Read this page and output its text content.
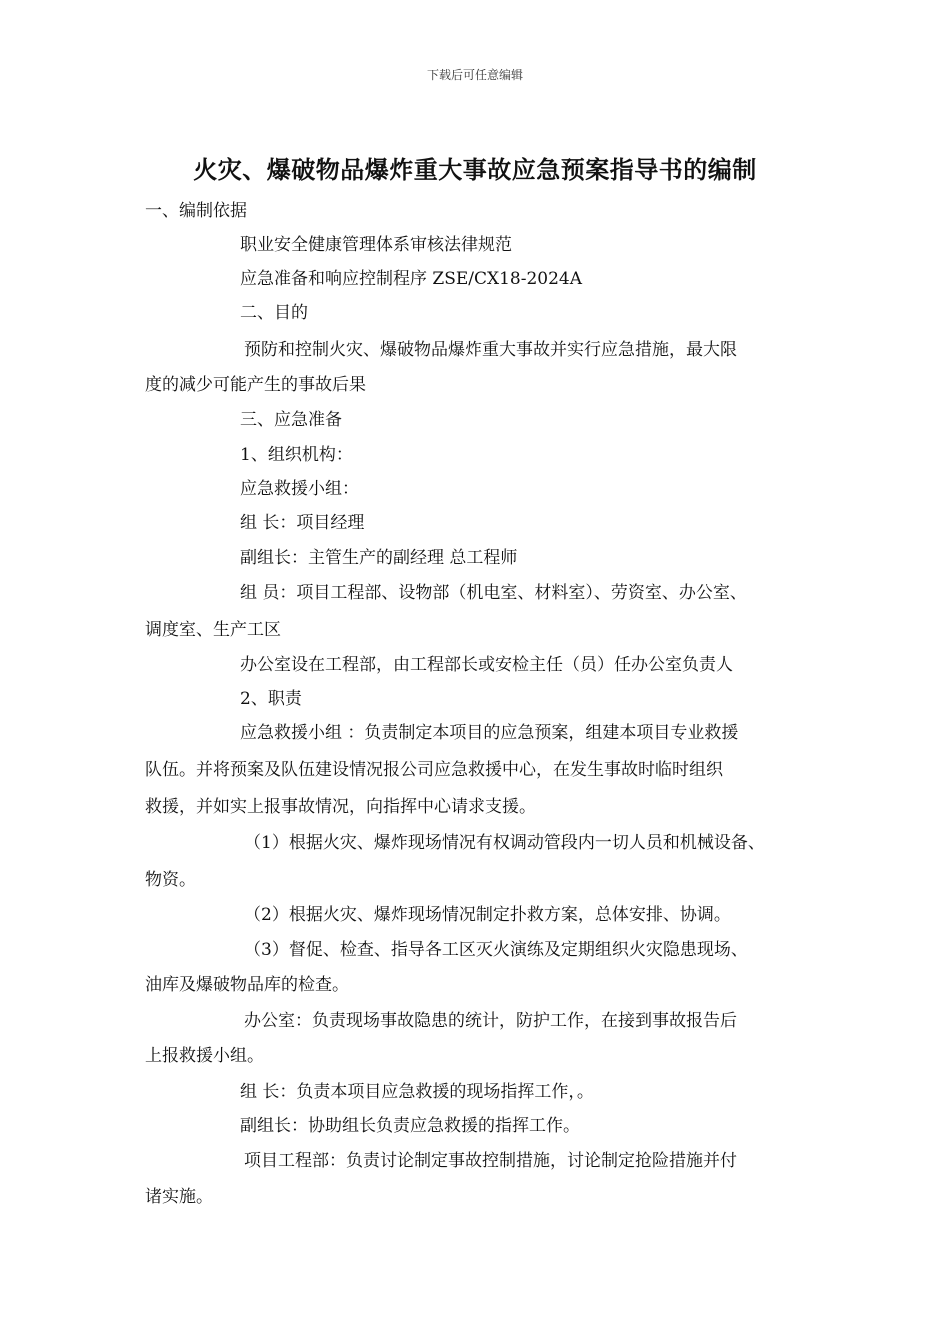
下载后可任意编辑
火灾、爆破物品爆炸重大事故应急预案指导书的编制
一、编制依据
职业安全健康管理体系审核法律规范
应急准备和响应控制程序 ZSE/CX18-2024A
二、目的
预防和控制火灾、爆破物品爆炸重大事故并实行应急措施，最大限
度的减少可能产生的事故后果
三、应急准备
1、组织机构：
应急救援小组：
组 长：项目经理
副组长：主管生产的副经理 总工程师
组 员：项目工程部、设物部（机电室、材料室）、劳资室、办公室、
调度室、生产工区
办公室设在工程部，由工程部长或安检主任（员）任办公室负责人
2、职责
应急救援小组 ：负责制定本项目的应急预案，组建本项目专业救援
队伍。并将预案及队伍建设情况报公司应急救援中心，在发生事故时临时组织
救援，并如实上报事故情况，向指挥中心请求支援。
（1）根据火灾、爆炸现场情况有权调动管段内一切人员和机械设备、
物资。
（2）根据火灾、爆炸现场情况制定扑救方案，总体安排、协调。
（3）督促、检查、指导各工区灭火演练及定期组织火灾隐患现场、
油库及爆破物品库的检查。
办公室：负责现场事故隐患的统计，防护工作，在接到事故报告后
上报救援小组。
组 长：负责本项目应急救援的现场指挥工作，。
副组长：协助组长负责应急救援的指挥工作。
项目工程部：负责讨论制定事故控制措施，讨论制定抢险措施并付
诸实施。
